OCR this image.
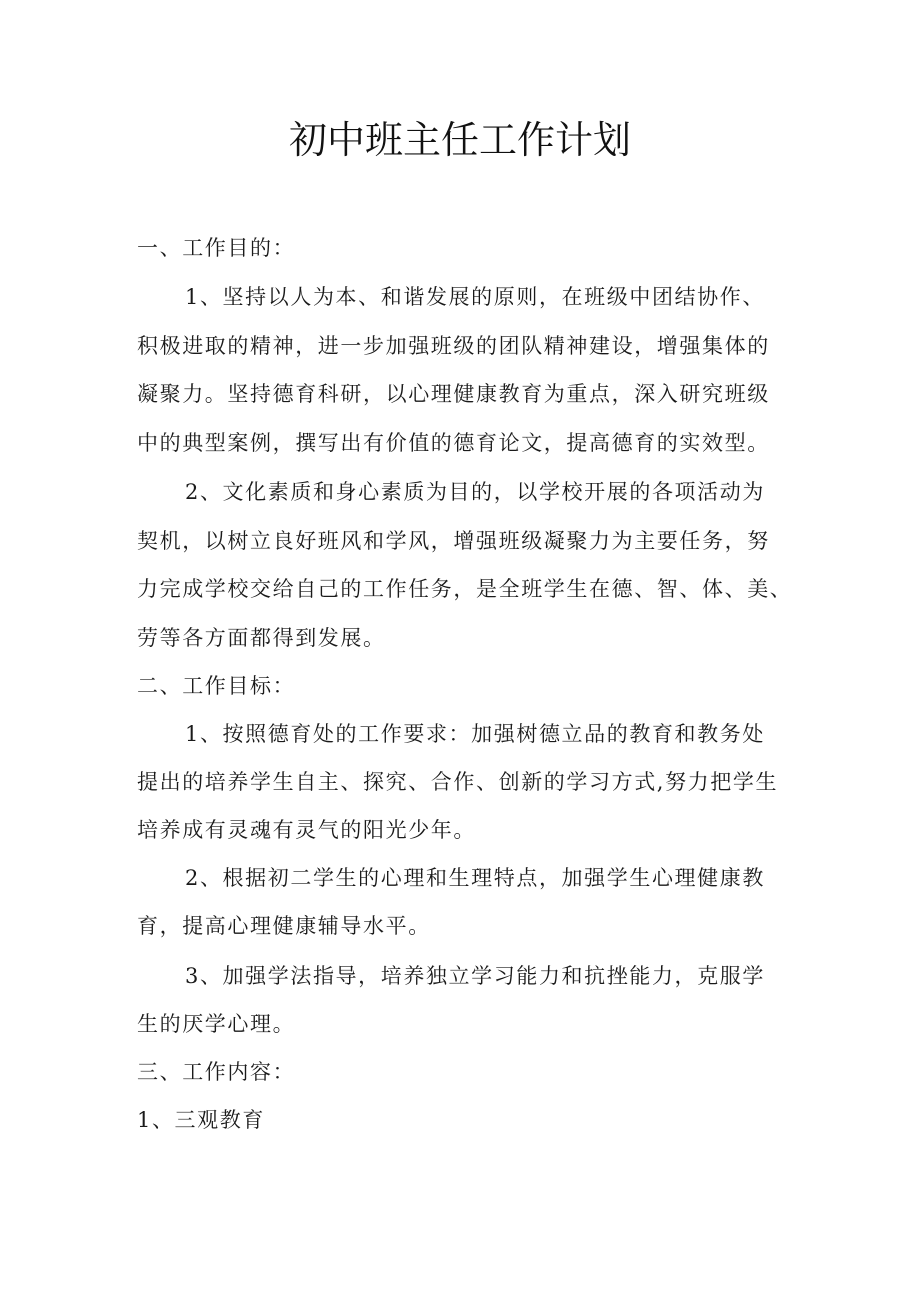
初中班主任工作计划
一、工作目的：
1、坚持以人为本、和谐发展的原则，在班级中团结协作、
积极进取的精神，进一步加强班级的团队精神建设，增强集体的
凝聚力。坚持德育科研，以心理健康教育为重点，深入研究班级
中的典型案例，撰写出有价值的德育论文，提高德育的实效型。
2、文化素质和身心素质为目的，以学校开展的各项活动为
契机，以树立良好班风和学风，增强班级凝聚力为主要任务，努
力完成学校交给自己的工作任务，是全班学生在德、智、体、美、
劳等各方面都得到发展。
二、工作目标：
1、按照德育处的工作要求：加强树德立品的教育和教务处
提出的培养学生自主、探究、合作、创新的学习方式,努力把学生
培养成有灵魂有灵气的阳光少年。
2、根据初二学生的心理和生理特点，加强学生心理健康教
育，提高心理健康辅导水平。
3、加强学法指导，培养独立学习能力和抗挫能力，克服学
生的厌学心理。
三、工作内容：
1、三观教育
